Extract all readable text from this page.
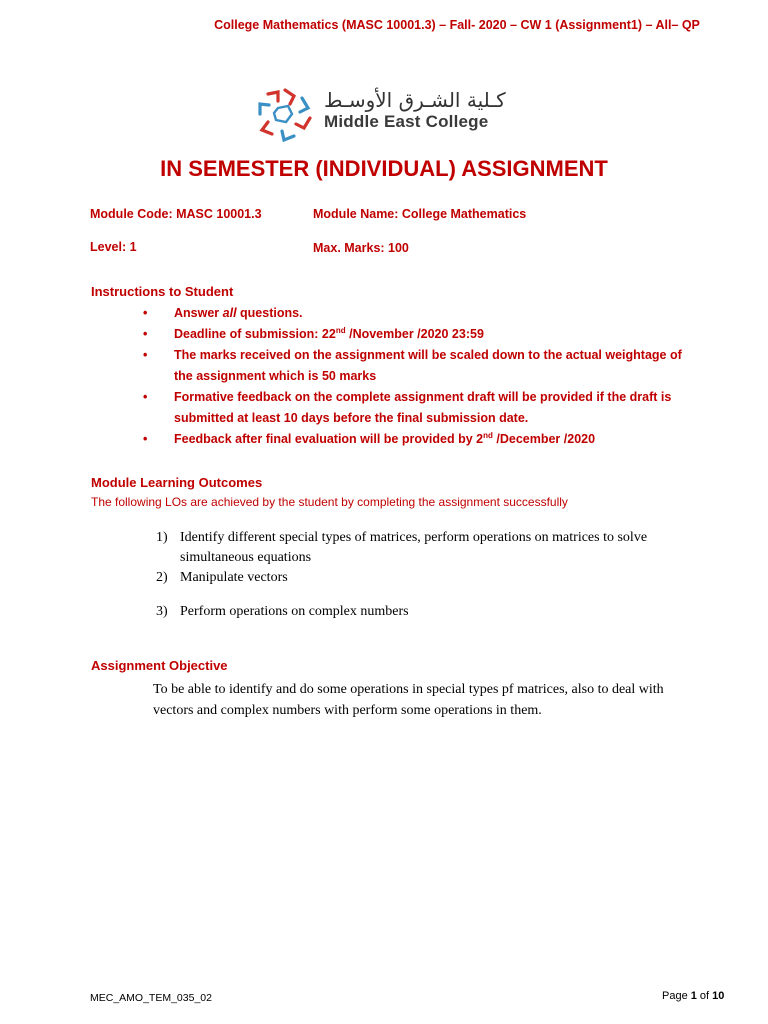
College Mathematics (MASC 10001.3) – Fall- 2020 – CW 1 (Assignment1) – All– QP
كـلية الشـرق الأوسـط
Middle East College
IN SEMESTER (INDIVIDUAL) ASSIGNMENT
Module Code: MASC 10001.3	Module Name: College Mathematics
Level: 1	Max. Marks: 100
Instructions to Student
• Answer all questions.
• Deadline of submission: 22nd /November /2020 23:59
• The marks received on the assignment will be scaled down to the actual weightage of the assignment which is 50 marks
• Formative feedback on the complete assignment draft will be provided if the draft is submitted at least 10 days before the final submission date.
• Feedback after final evaluation will be provided by 2nd /December /2020
Module Learning Outcomes
The following LOs are achieved by the student by completing the assignment successfully
1) Identify different special types of matrices, perform operations on matrices to solve simultaneous equations
2) Manipulate vectors
3) Perform operations on complex numbers
Assignment Objective
To be able to identify and do some operations in special types pf matrices, also to deal with vectors and complex numbers with perform some operations in them.
MEC_AMO_TEM_035_02	Page 1 of 10
